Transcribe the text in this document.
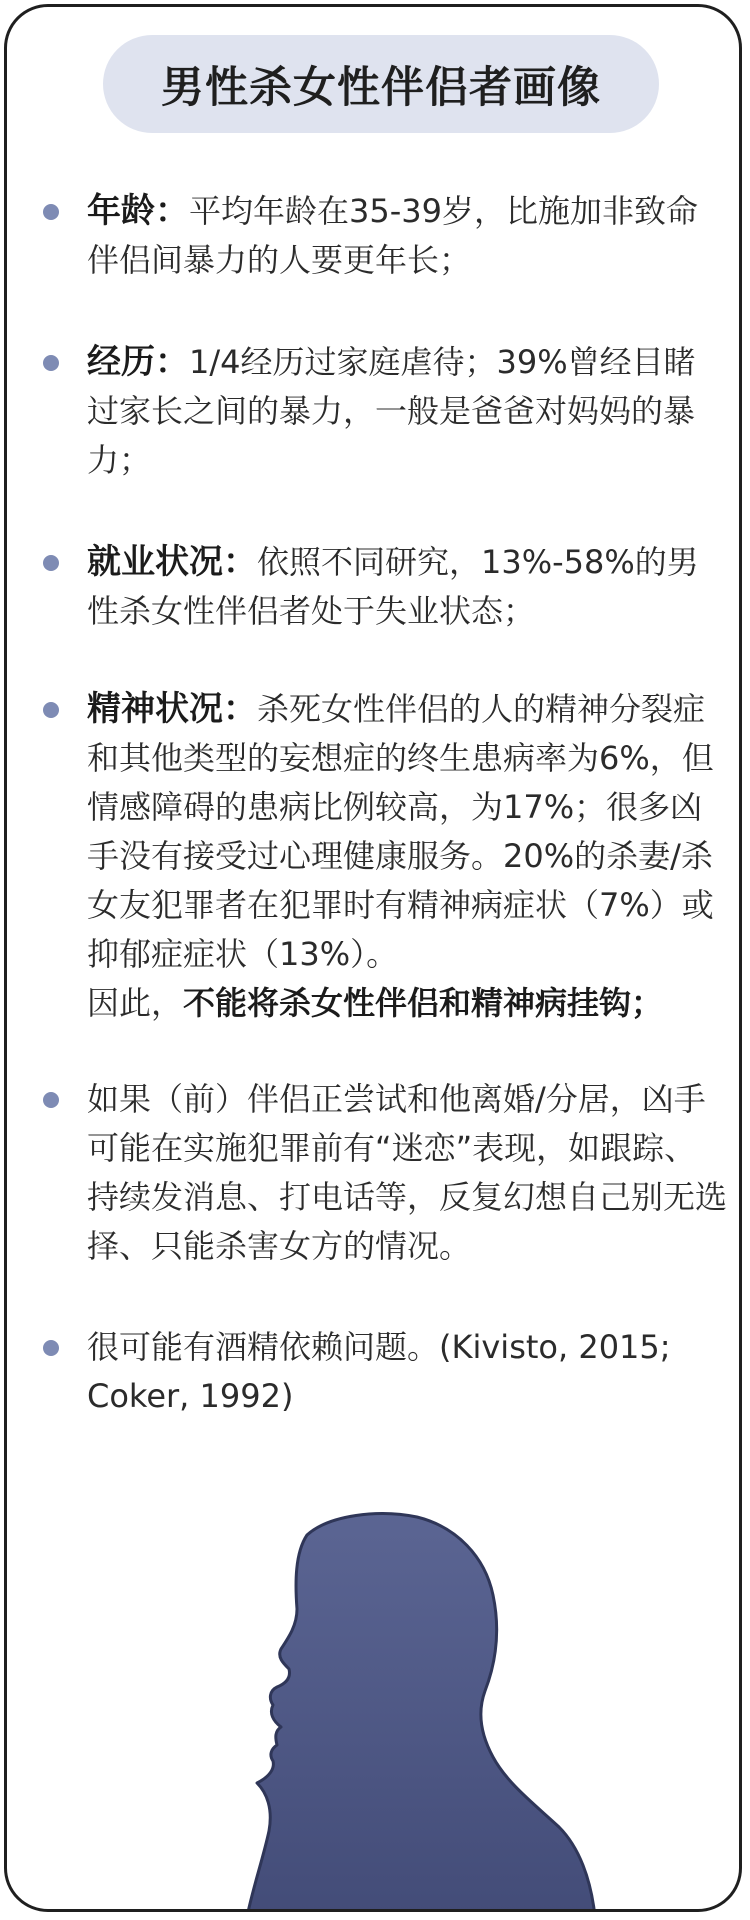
男性杀女性伴侣者画像
年龄：平均年龄在35-39岁，比施加非致命伴侣间暴力的人要更年长；
经历：1/4经历过家庭虐待；39%曾经目睹过家长之间的暴力，一般是爸爸对妈妈的暴力；
就业状况：依照不同研究，13%-58%的男性杀女性伴侣者处于失业状态；
精神状况：杀死女性伴侣的人的精神分裂症和其他类型的妄想症的终生患病率为6%，但情感障碍的患病比例较高，为17%；很多凶手没有接受过心理健康服务。20%的杀妻/杀女友犯罪者在犯罪时有精神病症状（7%）或抑郁症症状（13%）。
因此，不能将杀女性伴侣和精神病挂钩；
如果（前）伴侣正尝试和他离婚/分居，凶手可能在实施犯罪前有“迷恋”表现，如跟踪、持续发消息、打电话等，反复幻想自己别无选择、只能杀害女方的情况。
很可能有酒精依赖问题。(Kivisto, 2015; Coker, 1992)
